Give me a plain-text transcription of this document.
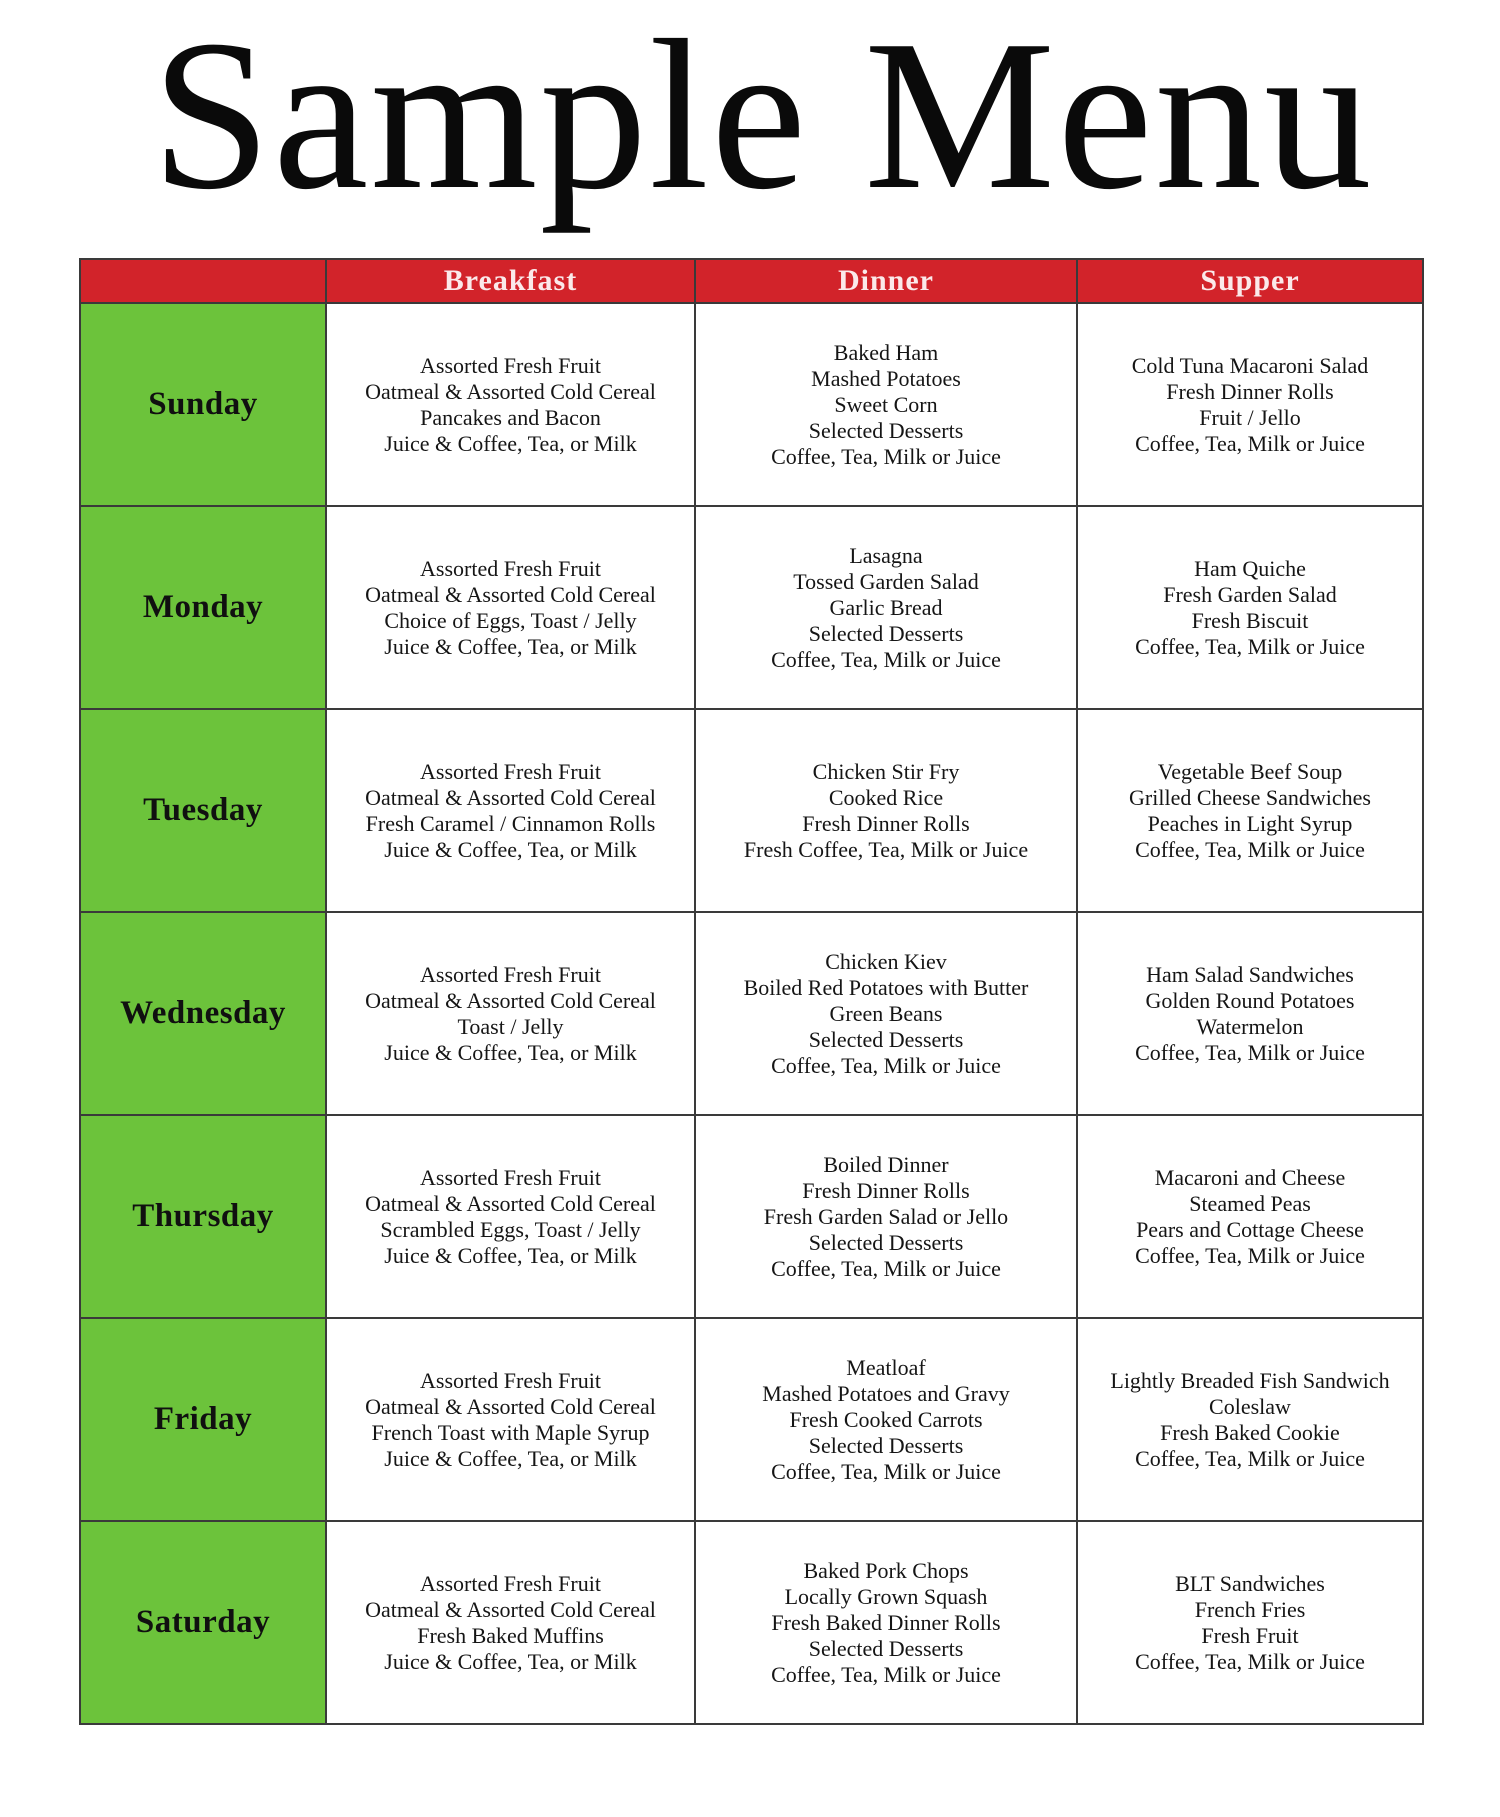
Sample Menu
	Breakfast	Dinner	Supper
Sunday	Assorted Fresh Fruit
Oatmeal & Assorted Cold Cereal
Pancakes and Bacon
Juice & Coffee, Tea, or Milk	Baked Ham
Mashed Potatoes
Sweet Corn
Selected Desserts
Coffee, Tea, Milk or Juice	Cold Tuna Macaroni Salad
Fresh Dinner Rolls
Fruit / Jello
Coffee, Tea, Milk or Juice

Monday	Assorted Fresh Fruit
Oatmeal & Assorted Cold Cereal
Choice of Eggs, Toast / Jelly
Juice & Coffee, Tea, or Milk	Lasagna
Tossed Garden Salad
Garlic Bread
Selected Desserts
Coffee, Tea, Milk or Juice	Ham Quiche
Fresh Garden Salad
Fresh Biscuit
Coffee, Tea, Milk or Juice

Tuesday	Assorted Fresh Fruit
Oatmeal & Assorted Cold Cereal
Fresh Caramel / Cinnamon Rolls
Juice & Coffee, Tea, or Milk	Chicken Stir Fry
Cooked Rice
Fresh Dinner Rolls
Fresh Coffee, Tea, Milk or Juice	Vegetable Beef Soup
Grilled Cheese Sandwiches
Peaches in Light Syrup
Coffee, Tea, Milk or Juice

Wednesday	Assorted Fresh Fruit
Oatmeal & Assorted Cold Cereal
Toast / Jelly
Juice & Coffee, Tea, or Milk	Chicken Kiev
Boiled Red Potatoes with Butter
Green Beans
Selected Desserts
Coffee, Tea, Milk or Juice	Ham Salad Sandwiches
Golden Round Potatoes
Watermelon
Coffee, Tea, Milk or Juice

Thursday	Assorted Fresh Fruit
Oatmeal & Assorted Cold Cereal
Scrambled Eggs, Toast / Jelly
Juice & Coffee, Tea, or Milk	Boiled Dinner
Fresh Dinner Rolls
Fresh Garden Salad or Jello
Selected Desserts
Coffee, Tea, Milk or Juice	Macaroni and Cheese
Steamed Peas
Pears and Cottage Cheese
Coffee, Tea, Milk or Juice

Friday	Assorted Fresh Fruit
Oatmeal & Assorted Cold Cereal
French Toast with Maple Syrup
Juice & Coffee, Tea, or Milk	Meatloaf
Mashed Potatoes and Gravy
Fresh Cooked Carrots
Selected Desserts
Coffee, Tea, Milk or Juice	Lightly Breaded Fish Sandwich
Coleslaw
Fresh Baked Cookie
Coffee, Tea, Milk or Juice

Saturday	Assorted Fresh Fruit
Oatmeal & Assorted Cold Cereal
Fresh Baked Muffins
Juice & Coffee, Tea, or Milk	Baked Pork Chops
Locally Grown Squash
Fresh Baked Dinner Rolls
Selected Desserts
Coffee, Tea, Milk or Juice	BLT Sandwiches
French Fries
Fresh Fruit
Coffee, Tea, Milk or Juice
